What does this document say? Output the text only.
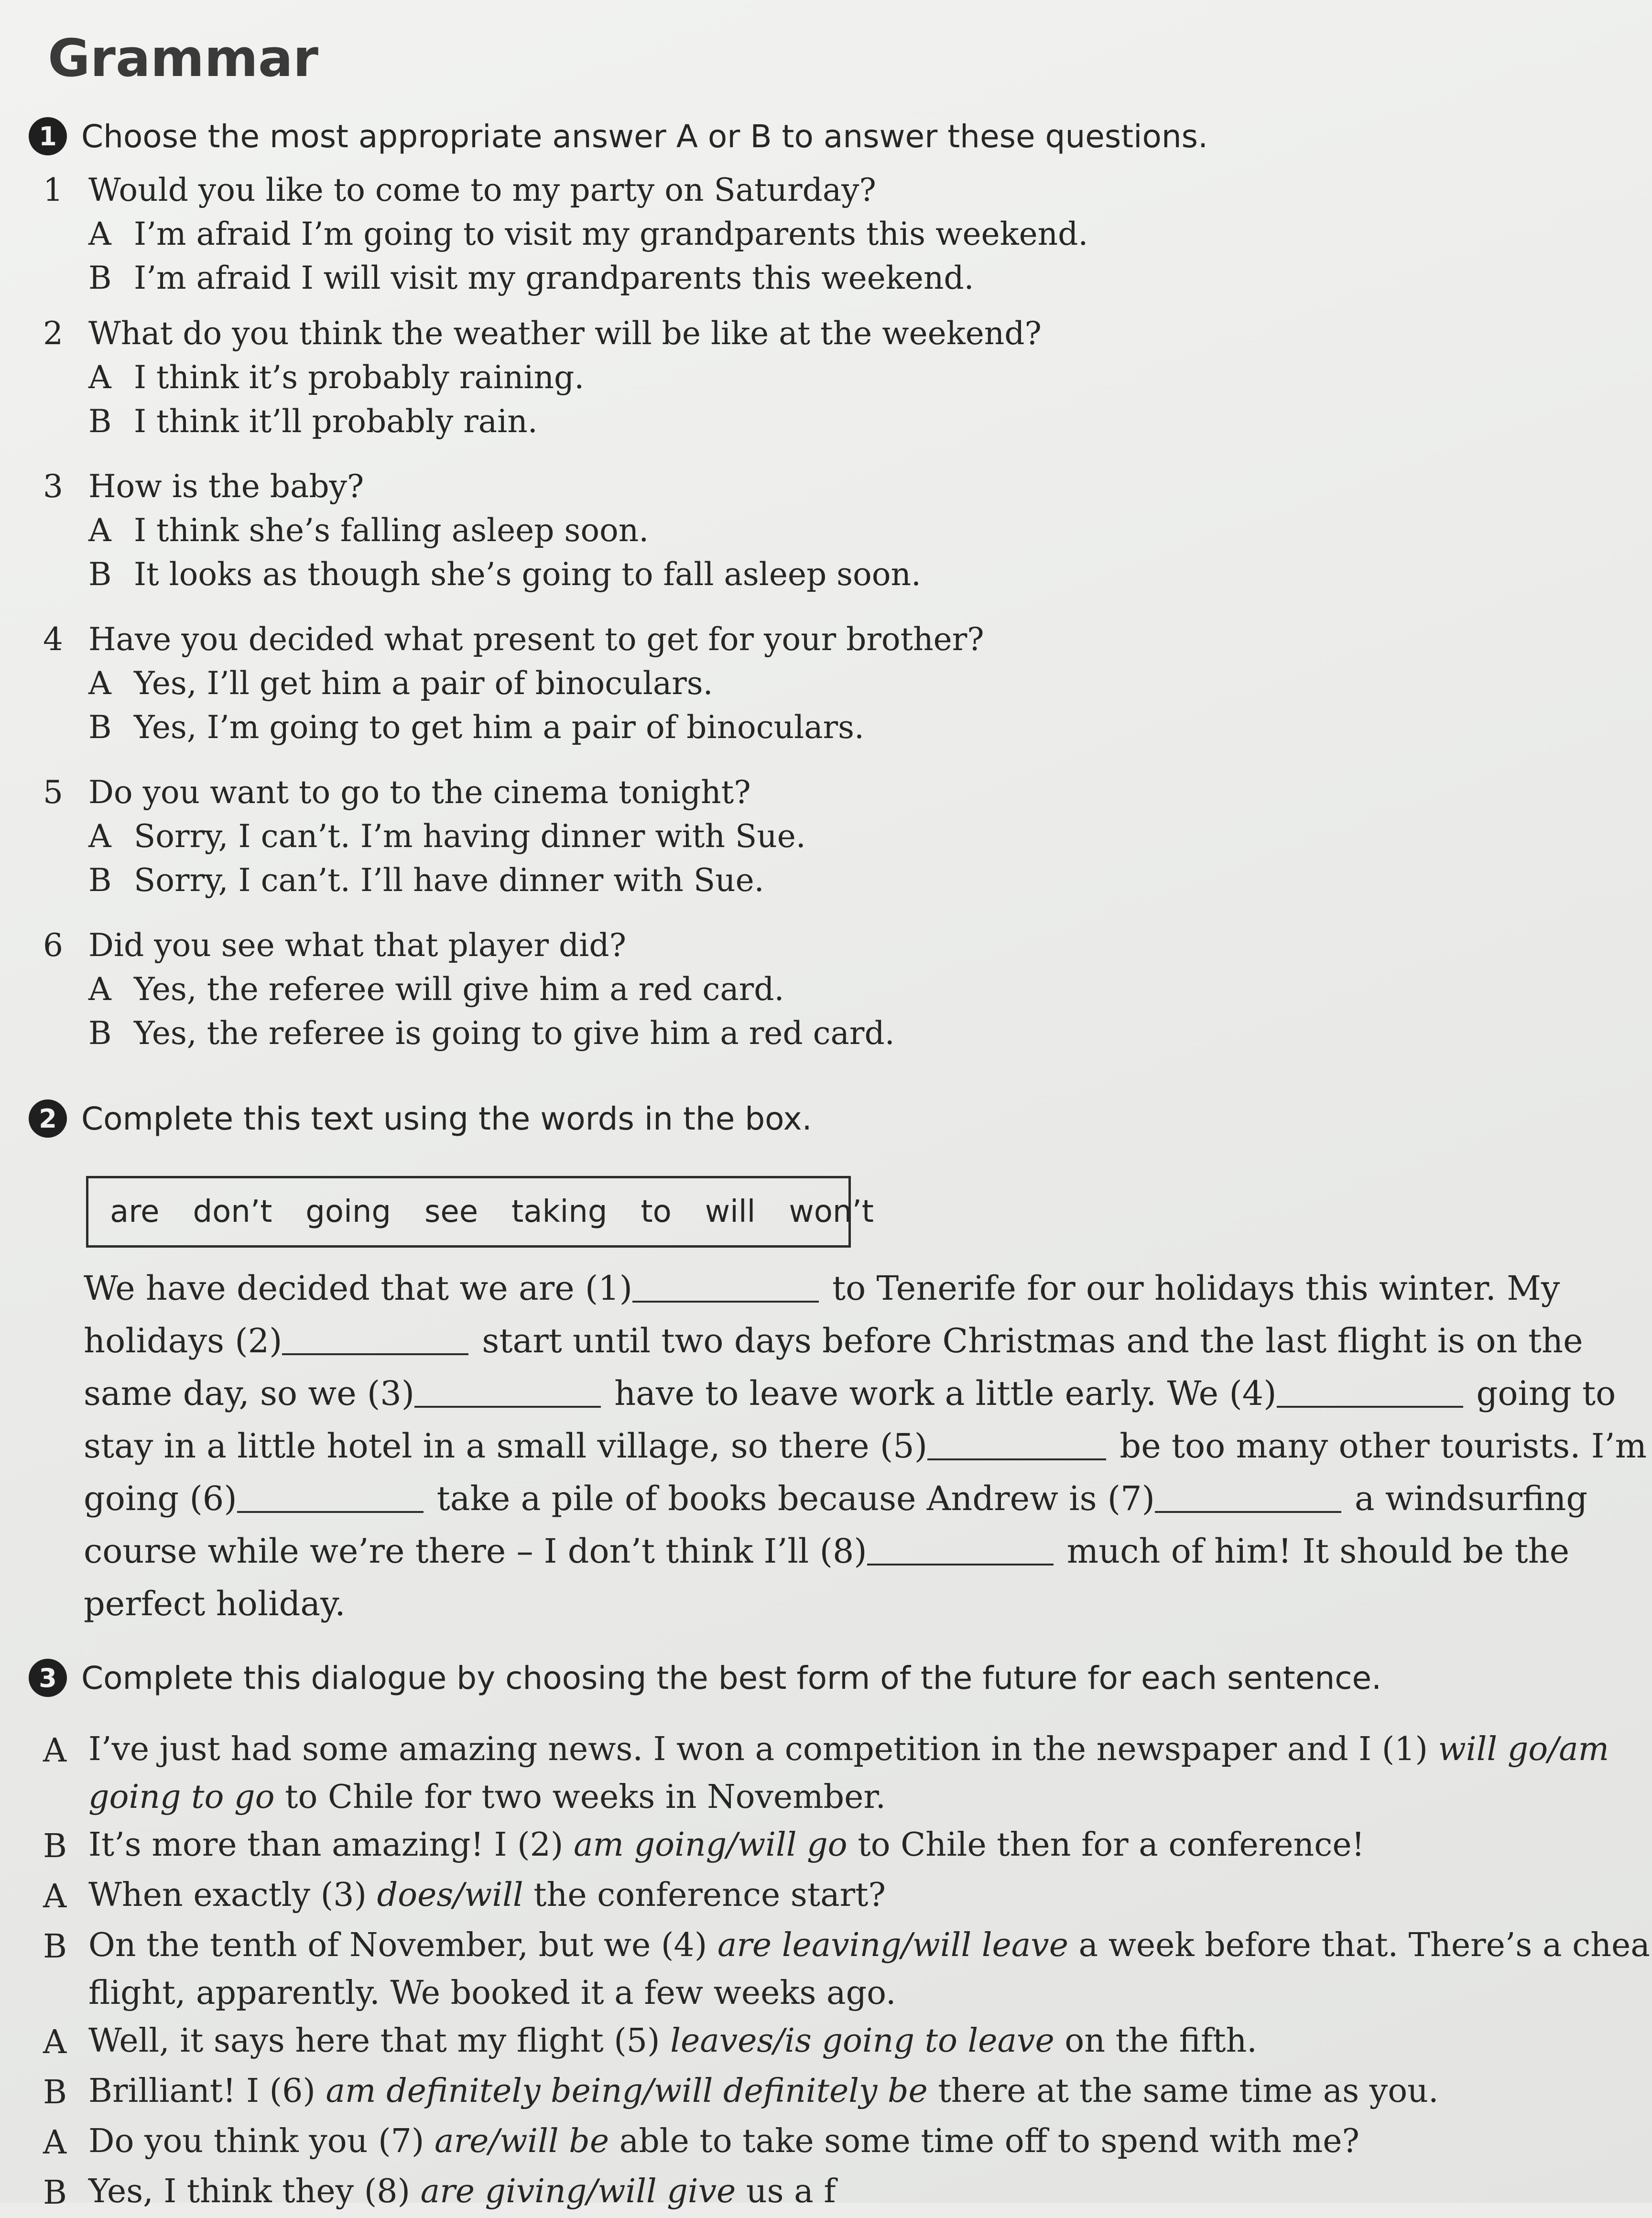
Grammar
1 Choose the most appropriate answer A or B to answer these questions.
1 Would you like to come to my party on Saturday?
A I’m afraid I’m going to visit my grandparents this weekend.
B I’m afraid I will visit my grandparents this weekend.
2 What do you think the weather will be like at the weekend?
A I think it’s probably raining.
B I think it’ll probably rain.
3 How is the baby?
A I think she’s falling asleep soon.
B It looks as though she’s going to fall asleep soon.
4 Have you decided what present to get for your brother?
A Yes, I’ll get him a pair of binoculars.
B Yes, I’m going to get him a pair of binoculars.
5 Do you want to go to the cinema tonight?
A Sorry, I can’t. I’m having dinner with Sue.
B Sorry, I can’t. I’ll have dinner with Sue.
6 Did you see what that player did?
A Yes, the referee will give him a red card.
B Yes, the referee is going to give him a red card.
2 Complete this text using the words in the box.
are don’t going see taking to will won’t
We have decided that we are (1)	to Tenerife for our holidays this winter. My
holidays (2)	start until two days before Christmas and the last flight is on the
same day, so we (3)	have to leave work a little early. We (4)	going to
stay in a little hotel in a small village, so there (5)	be too many other tourists. I’m
going (6)	take a pile of books because Andrew is (7)	a windsurfing
course while we’re there – I don’t think I’ll (8)	much of him! It should be the
perfect holiday.
3 Complete this dialogue by choosing the best form of the future for each sentence.
A I’ve just had some amazing news. I won a competition in the newspaper and I (1) will go/am going to go to Chile for two weeks in November.
B It’s more than amazing! I (2) am going/will go to Chile then for a conference!
A When exactly (3) does/will the conference start?
B On the tenth of November, but we (4) are leaving/will leave a week before that. There’s a chea flight, apparently. We booked it a few weeks ago.
A Well, it says here that my flight (5) leaves/is going to leave on the fifth.
B Brilliant! I (6) am definitely being/will definitely be there at the same time as you.
A Do you think you (7) are/will be able to take some time off to spend with me?
B Yes, I think they (8) are giving/will give us a f
